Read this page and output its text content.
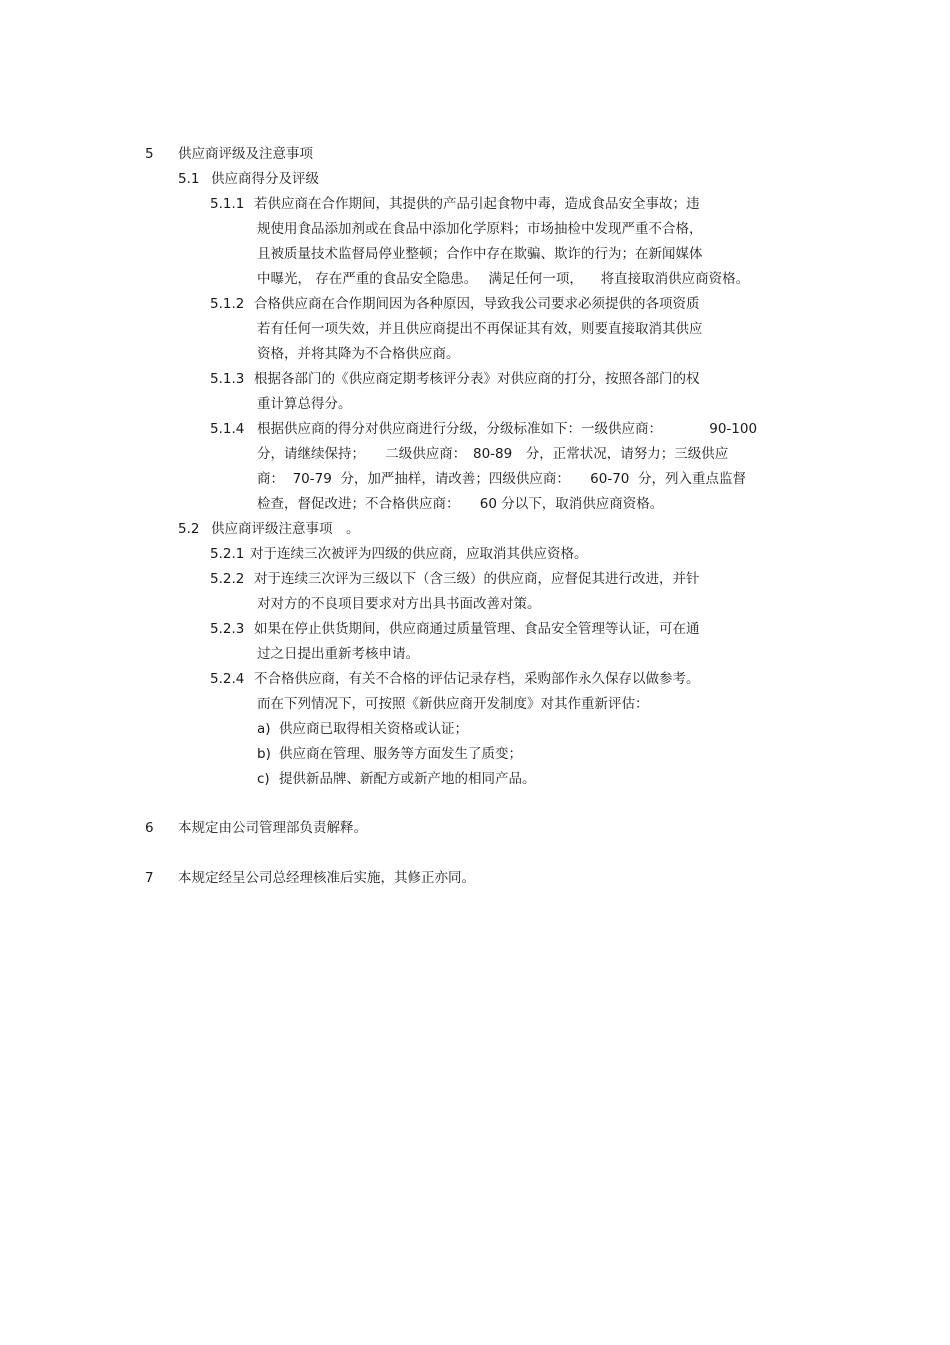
5 供应商评级及注意事项
5.1 供应商得分及评级
5.1.1 若供应商在合作期间，其提供的产品引起食物中毒，造成食品安全事故；违
规使用食品添加剂或在食品中添加化学原料；市场抽检中发现严重不合格，
且被质量技术监督局停业整顿；合作中存在欺骗、欺诈的行为；在新闻媒体
中曝光， 存在严重的食品安全隐患。　 满足任何一项， 　将直接取消供应商资格。
5.1.2 合格供应商在合作期间因为各种原因，导致我公司要求必须提供的各项资质
若有任何一项失效，并且供应商提出不再保证其有效，则要直接取消其供应
资格，并将其降为不合格供应商。
5.1.3 根据各部门的《供应商定期考核评分表》对供应商的打分，按照各部门的权
重计算总得分。
5.1.4 根据供应商的得分对供应商进行分级，分级标准如下：一级供应商：　　　　90-100
分，请继续保持；　　二级供应商：　80-89　分，正常状况，请努力；三级供应
商：  70-79  分，加严抽样，请改善；四级供应商：　　60-70  分，列入重点监督
检查，督促改进；不合格供应商：　　60 分以下，取消供应商资格。
5.2 供应商评级注意事项　。
5.2.1 对于连续三次被评为四级的供应商，应取消其供应资格。
5.2.2 对于连续三次评为三级以下（含三级）的供应商，应督促其进行改进，并针
对对方的不良项目要求对方出具书面改善对策。
5.2.3 如果在停止供货期间，供应商通过质量管理、食品安全管理等认证，可在通
过之日提出重新考核申请。
5.2.4 不合格供应商，有关不合格的评估记录存档，采购部作永久保存以做参考。
而在下列情况下，可按照《新供应商开发制度》对其作重新评估：
a) 供应商已取得相关资格或认证；
b) 供应商在管理、服务等方面发生了质变；
c) 提供新品牌、新配方或新产地的相同产品。
6 本规定由公司管理部负责解释。
7 本规定经呈公司总经理核准后实施，其修正亦同。
